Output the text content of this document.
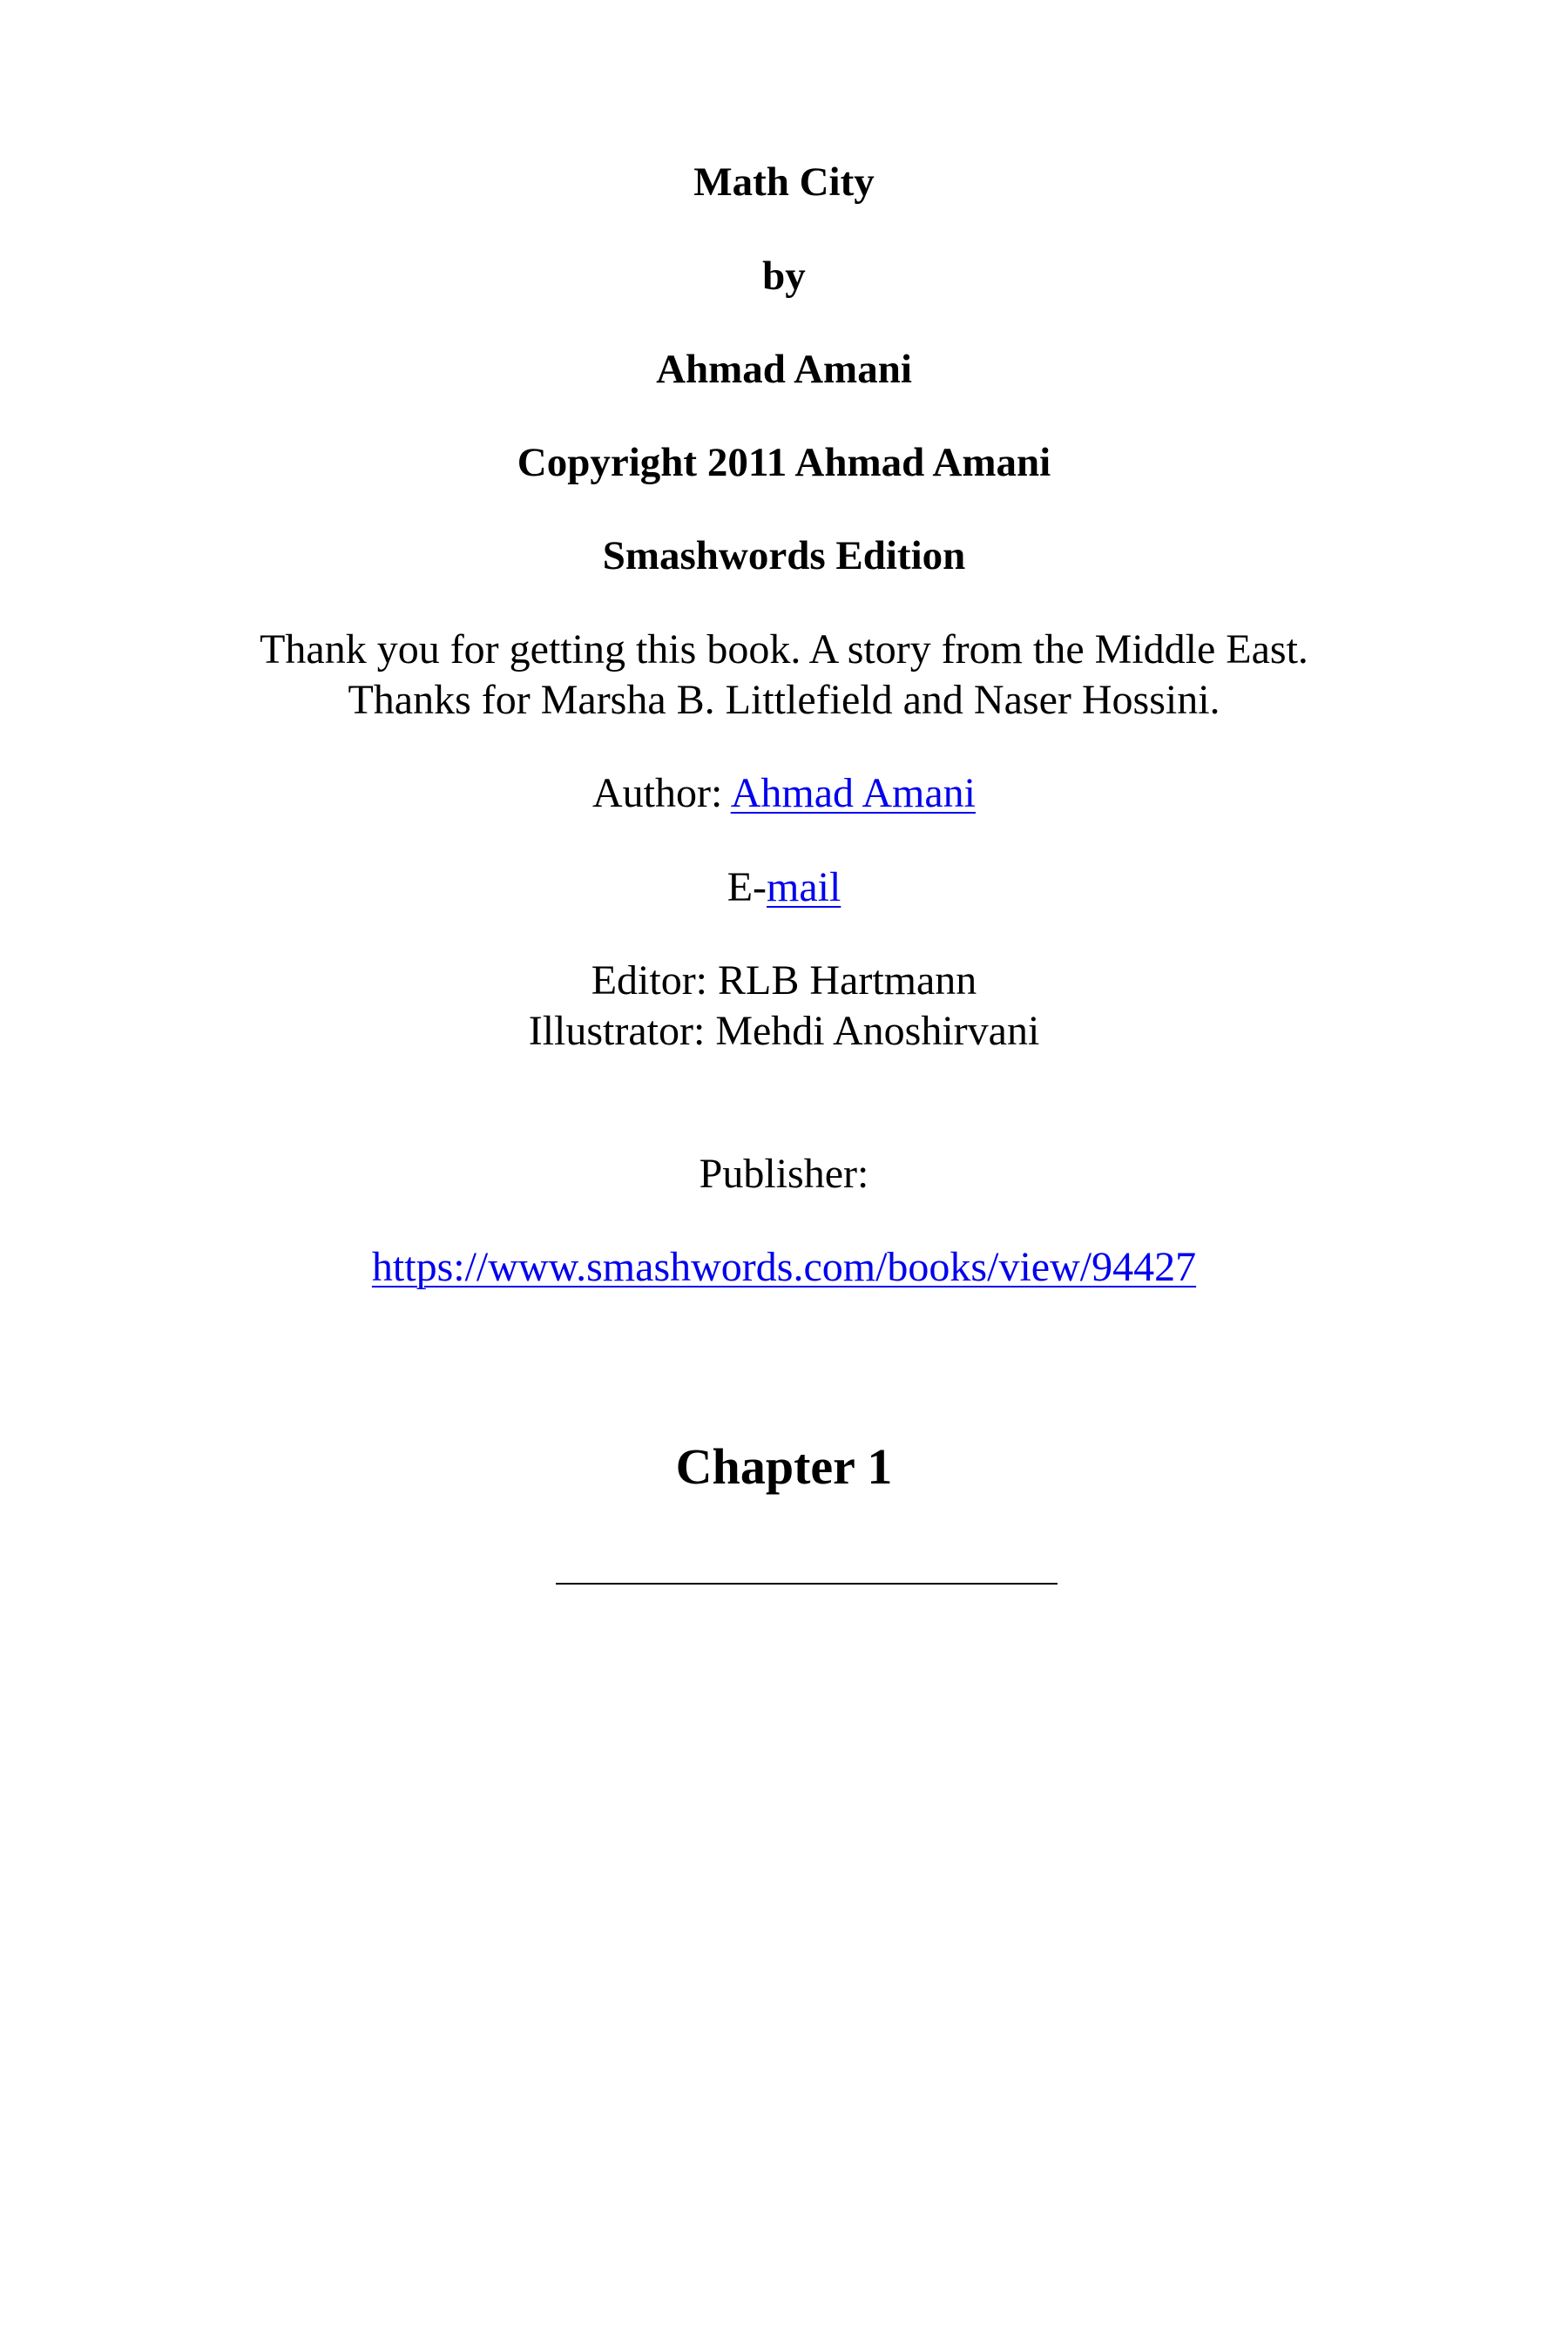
Math City
by
Ahmad Amani
Copyright 2011 Ahmad Amani
Smashwords Edition
Thank you for getting this book. A story from the Middle East.
Thanks for Marsha B. Littlefield and Naser Hossini.
Author: Ahmad Amani
E-mail
Editor: RLB Hartmann
Illustrator: Mehdi Anoshirvani
Publisher:
https://www.smashwords.com/books/view/94427
Chapter 1
